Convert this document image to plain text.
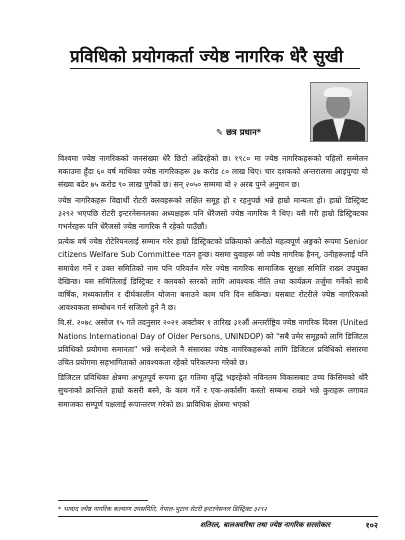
प्रविधिको प्रयोगकर्ता ज्येष्ठ नागरिक धेरै सुखी
✎ छत्र प्रधान*

विश्वमा ज्येष्ठ नागरिकको जनसंख्या धेरै छिटो अढिरहेको छ। १९८० मा ज्येष्ठ नागरिकहरूको पहिलो सम्मेलन मकाउमा हुँदा ६० वर्ष माथिका ज्येष्ठ नागरिकहरू ३७ करोड ८० लाख थिए। चार दशकको अन्तरालमा आइपुग्दा यो संख्या बढेर ७५ करोड ९० लाख पुगेको छ। सन् २०५० सम्ममा यो २ अरब पुग्ने अनुमान छ।

ज्येष्ठ नागरिकहरू विद्यार्थी रोटरी क्लवहरूको लक्षित समूह हो र रहनुपर्छ भन्ने हाम्रो मान्यता हो। हाम्रो डिस्ट्रिक्ट ३२९२ भएपछि रोटरी इन्टरनेसनलका अध्यक्षहरू पनि धेरैजसो ज्येष्ठ नागरिक नै थिए। यसै गरी हाम्रो डिस्ट्रिक्टका गभर्नरहरू पनि धेरैजसो ज्येष्ठ नागरिक नै रहेको पाउँछौं।

प्रत्येक वर्ष ज्येष्ठ रोटेरियनलाई सम्मान गरेर हाम्रो डिस्ट्रिक्टको प्रक्रियाको अनौठो महत्वपूर्ण अङ्गको रूपमा Senior citizens Welfare Sub Committee गठन हुन्छ। यसमा युवाहरू जो ज्येष्ठ नागरिक हैनन्, उनीहरूलाई पनि समावेश गर्ने र उक्त समितिको नाम पनि परिवर्तन गरेर ज्येष्ठ नागरिक सामाजिक सुरक्षा समिति राख्न उपयुक्त देखिन्छ। यस समितिलाई डिस्ट्रिक्ट र क्लवको स्तरको लागि आवश्यक नीति तथा कार्यक्रम तर्जुमा गर्नेको साथै वार्षिक, मध्यकालीन र दीर्घकालीन योजना बनाउने काम पनि दिन सकिन्छ। यसबाट रोटरीले ज्येष्ठ नागरिकको आवश्यकता सम्बोधन गर्न सजिलो हुने नै छ।

वि.सं. २०७८ असोज १५ गते तदनुसार २०२१ अक्टोबर १ तारिख ३१औं अन्तर्राष्ट्रिय ज्येष्ठ नागरिक दिवस (United Nations International Day of Older Persons, UNINDOP) को "सबै उमेर समूहको लागि डिजिटल प्रविधिको प्रयोगमा समानता" भन्ने सन्देशले नै संसारका ज्येष्ठ नागरिकहरूको लागि डिजिटल प्रविधिको संसारमा उचित प्रयोगमा सहभागिताको आवश्यकता रहेको परिकल्पना गरेको छ।

डिजिटल प्रविधिका क्षेत्रमा अभूतपूर्व रूपमा द्रुत गतिमा वृद्धि भइरहेको नविनतम विकासबाट उच्च किसिमको थोरै सुचनाको क्रान्तिले हाम्रो कसरी बस्ने, के काम गर्ने र एक-अर्कासँग कस्तो सम्बन्ध राख्ने भन्ने कुराहरू लगायत समाजका सम्पूर्ण पक्षलाई रूपान्तरण गरेको छ। प्राविधिक क्षेत्रमा भएको

* भावाद ज्येष्ठ नागरिक कल्याण उपसमिति, नेपाल-भुटान रोटरी इन्टरनेसनल डिस्ट्रिक्ट ३२९२
शतिरल, बालअवरिथा तथा ज्येष्ठ नागरिक सरसोकार	१०२
